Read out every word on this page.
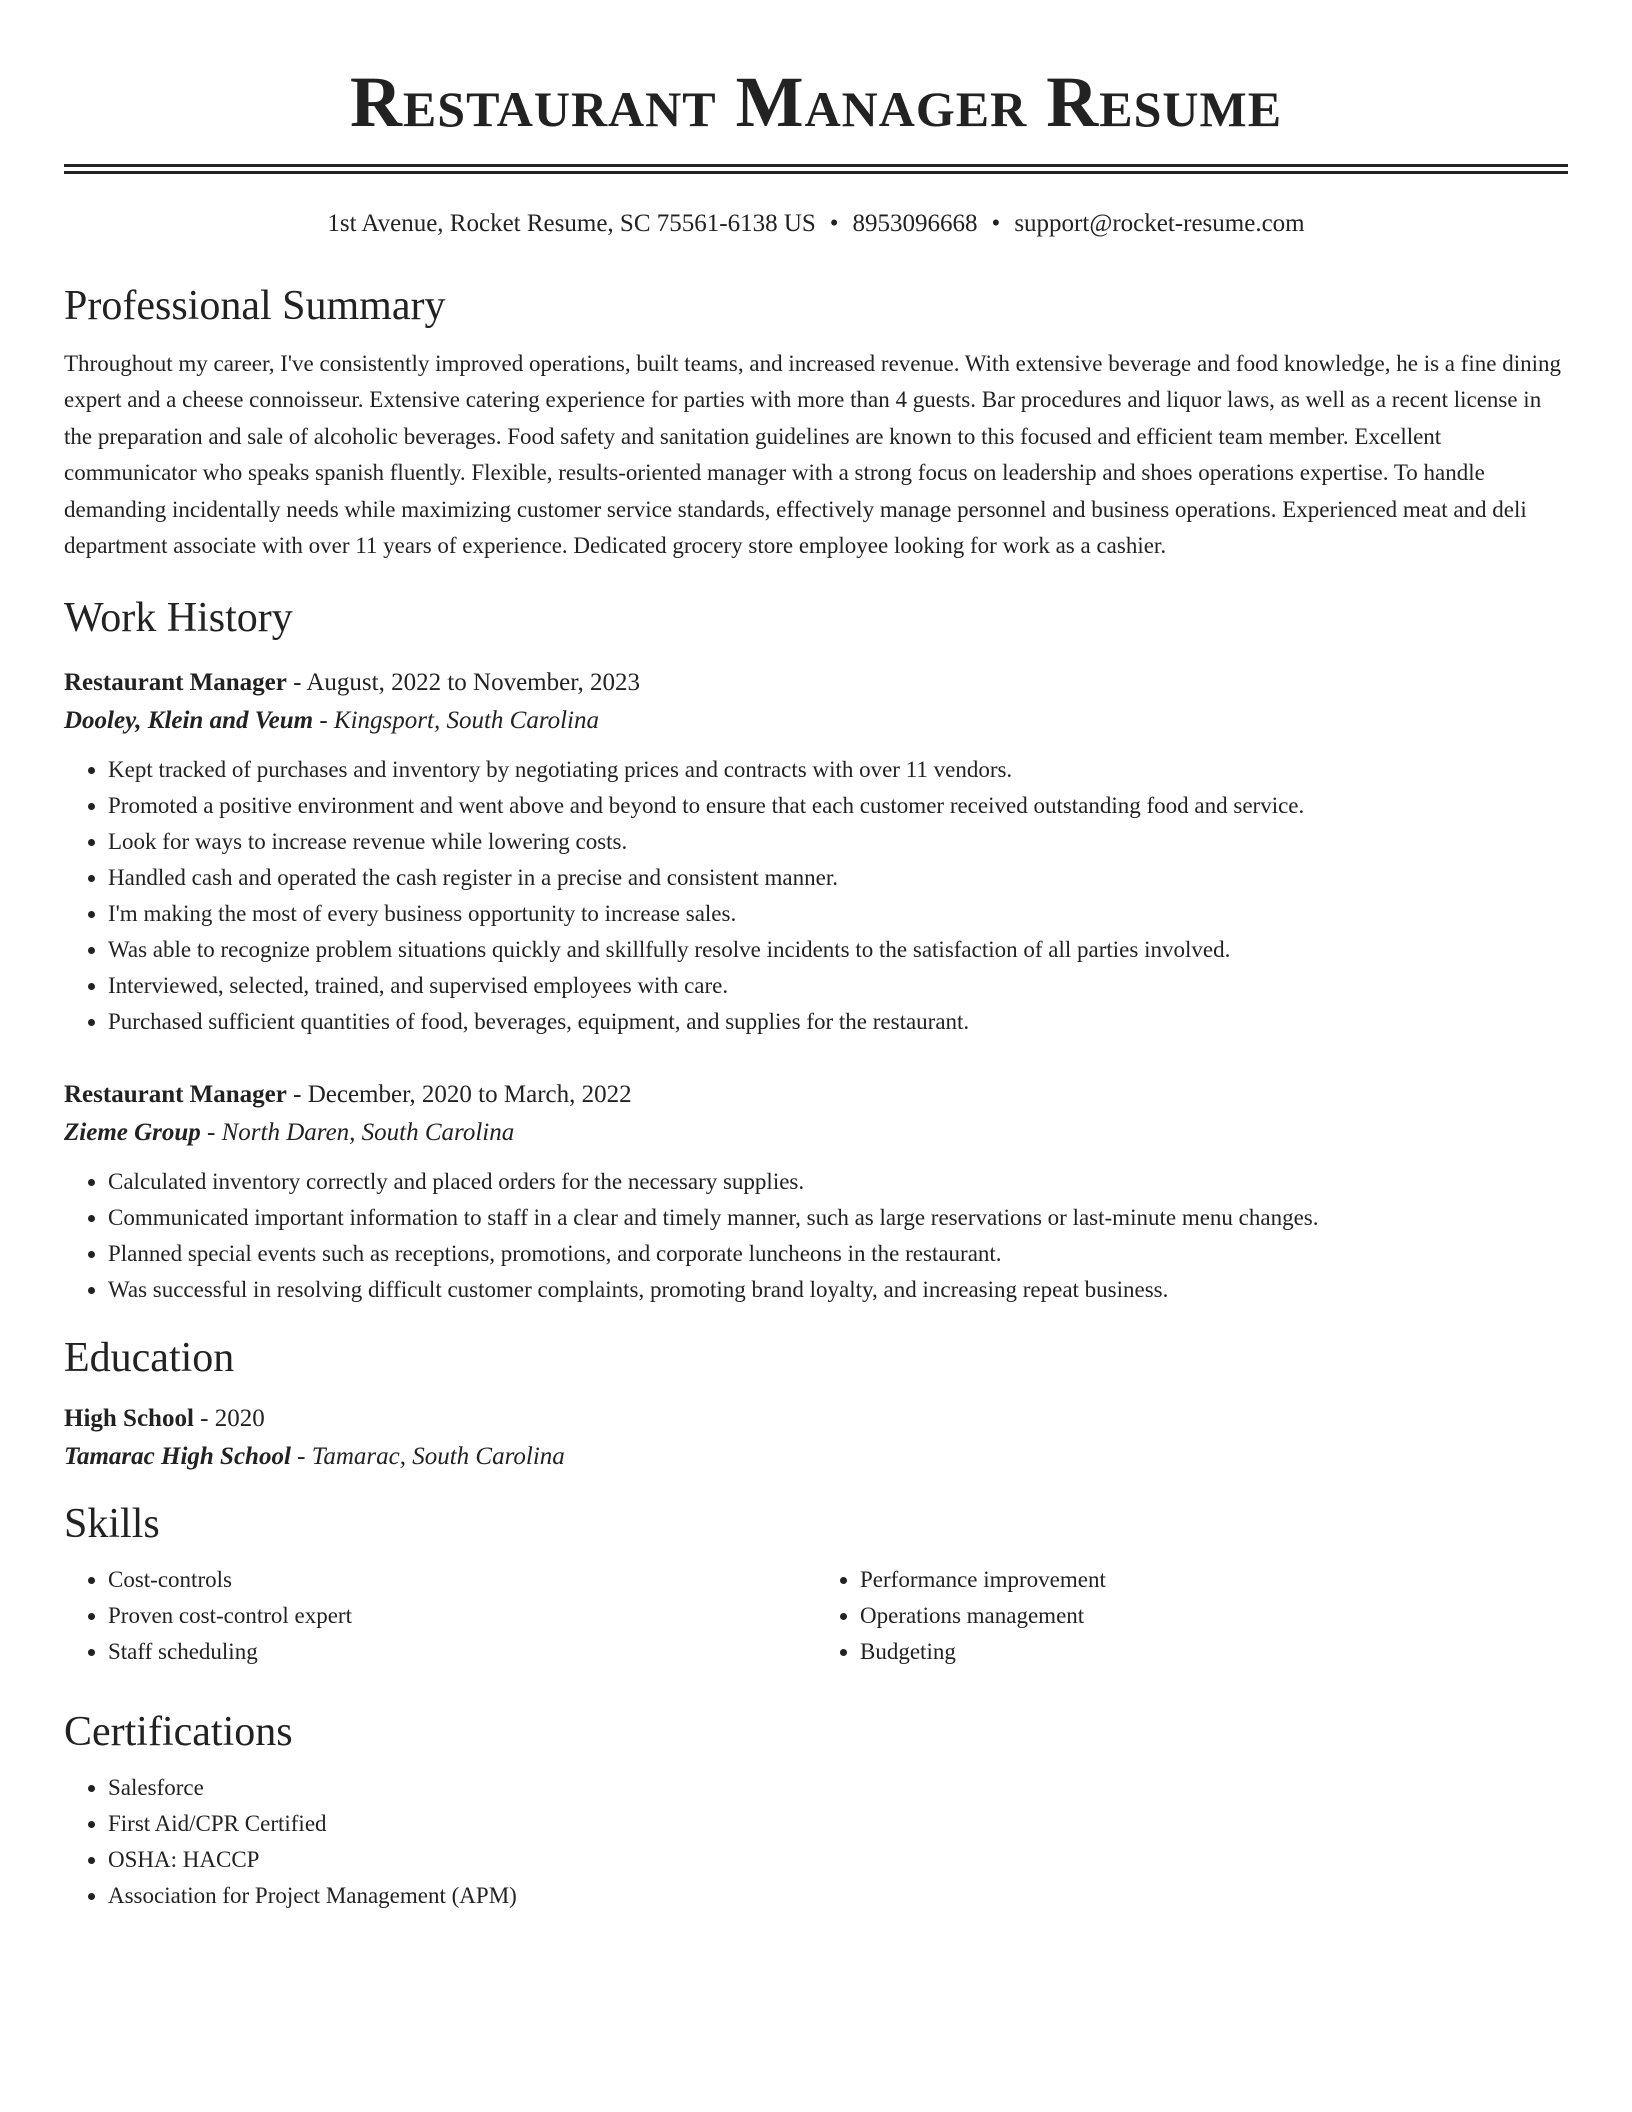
Restaurant Manager Resume
1st Avenue, Rocket Resume, SC 75561-6138 US • 8953096668 • support@rocket-resume.com
Professional Summary

Throughout my career, I've consistently improved operations, built teams, and increased revenue. With extensive beverage and food knowledge, he is a fine dining expert and a cheese connoisseur. Extensive catering experience for parties with more than 4 guests. Bar procedures and liquor laws, as well as a recent license in the preparation and sale of alcoholic beverages. Food safety and sanitation guidelines are known to this focused and efficient team member. Excellent communicator who speaks spanish fluently. Flexible, results-oriented manager with a strong focus on leadership and shoes operations expertise. To handle demanding incidentally needs while maximizing customer service standards, effectively manage personnel and business operations. Experienced meat and deli department associate with over 11 years of experience. Dedicated grocery store employee looking for work as a cashier.

Work History
Restaurant Manager - August, 2022 to November, 2023
Dooley, Klein and Veum - Kingsport, South Carolina
• Kept tracked of purchases and inventory by negotiating prices and contracts with over 11 vendors.
• Promoted a positive environment and went above and beyond to ensure that each customer received outstanding food and service.
• Look for ways to increase revenue while lowering costs.
• Handled cash and operated the cash register in a precise and consistent manner.
• I'm making the most of every business opportunity to increase sales.
• Was able to recognize problem situations quickly and skillfully resolve incidents to the satisfaction of all parties involved.
• Interviewed, selected, trained, and supervised employees with care.
• Purchased sufficient quantities of food, beverages, equipment, and supplies for the restaurant.
Restaurant Manager - December, 2020 to March, 2022
Zieme Group - North Daren, South Carolina
• Calculated inventory correctly and placed orders for the necessary supplies.
• Communicated important information to staff in a clear and timely manner, such as large reservations or last-minute menu changes.
• Planned special events such as receptions, promotions, and corporate luncheons in the restaurant.
• Was successful in resolving difficult customer complaints, promoting brand loyalty, and increasing repeat business.
Education
High School - 2020
Tamarac High School - Tamarac, South Carolina
Skills
• Cost-controls
• Proven cost-control expert
• Staff scheduling
• Performance improvement
• Operations management
• Budgeting
Certifications
• Salesforce
• First Aid/CPR Certified
• OSHA: HACCP
• Association for Project Management (APM)
